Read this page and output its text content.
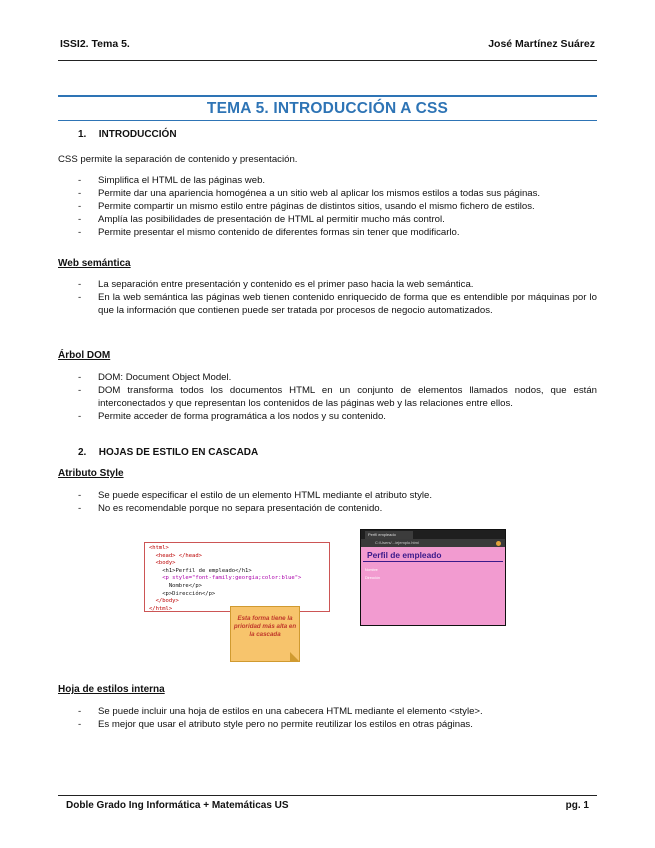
ISSI2. Tema 5.	José Martínez Suárez
TEMA 5. INTRODUCCIÓN A CSS
1. INTRODUCCIÓN
CSS permite la separación de contenido y presentación.
- Simplifica el HTML de las páginas web.
- Permite dar una apariencia homogénea a un sitio web al aplicar los mismos estilos a todas sus páginas.
- Permite compartir un mismo estilo entre páginas de distintos sitios, usando el mismo fichero de estilos.
- Amplía las posibilidades de presentación de HTML al permitir mucho más control.
- Permite presentar el mismo contenido de diferentes formas sin tener que modificarlo.
Web semántica
- La separación entre presentación y contenido es el primer paso hacia la web semántica.
- En la web semántica las páginas web tienen contenido enriquecido de forma que es entendible por máquinas por lo que la información que contienen puede ser tratada por procesos de negocio automatizados.
Árbol DOM
- DOM: Document Object Model.
- DOM transforma todos los documentos HTML en un conjunto de elementos llamados nodos, que están interconectados y que representan los contenidos de las páginas web y las relaciones entre ellos.
- Permite acceder de forma programática a los nodos y su contenido.
2. HOJAS DE ESTILO EN CASCADA
Atributo Style
- Se puede especificar el estilo de un elemento HTML mediante el atributo style.
- No es recomendable porque no separa presentación de contenido.
<html>
<head> </head>
<body>
<h1>Perfil de empleado</h1>
<p style="font-family:georgia;color:blue">
Nombre</p>
<p>Dirección</p>
</body>
</html>
Esta forma tiene la prioridad más alta en la cascada
Perfil empleado
C:/Users/.../ejemplo.html
Perfil de empleado
Nombre
Dirección
Hoja de estilos interna
- Se puede incluir una hoja de estilos en una cabecera HTML mediante el elemento <style>.
- Es mejor que usar el atributo style pero no permite reutilizar los estilos en otras páginas.
Doble Grado Ing Informática + Matemáticas US	pg. 1
